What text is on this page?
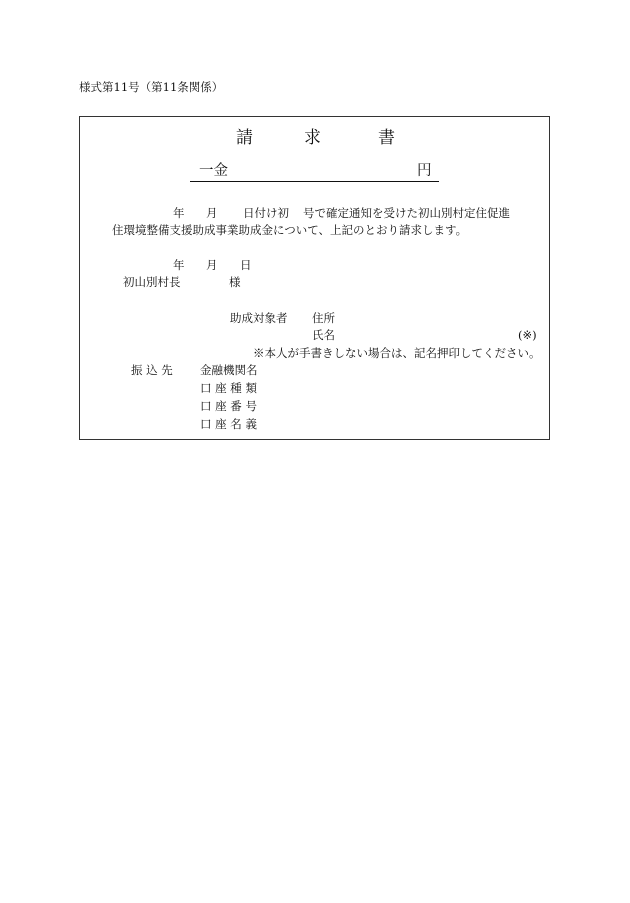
様式第11号（第11条関係）
請	求	書
一金	円
年 月 日付け初 号で確定通知を受けた初山別村定住促進
住環境整備支援助成事業助成金について、上記のとおり請求します。
年 月 日
初山別村長	様
助成対象者 住所
氏名	(※)
※本人が手書きしない場合は、記名押印してください。
振 込 先 金融機関名
口 座 種 類
口 座 番 号
口 座 名 義
